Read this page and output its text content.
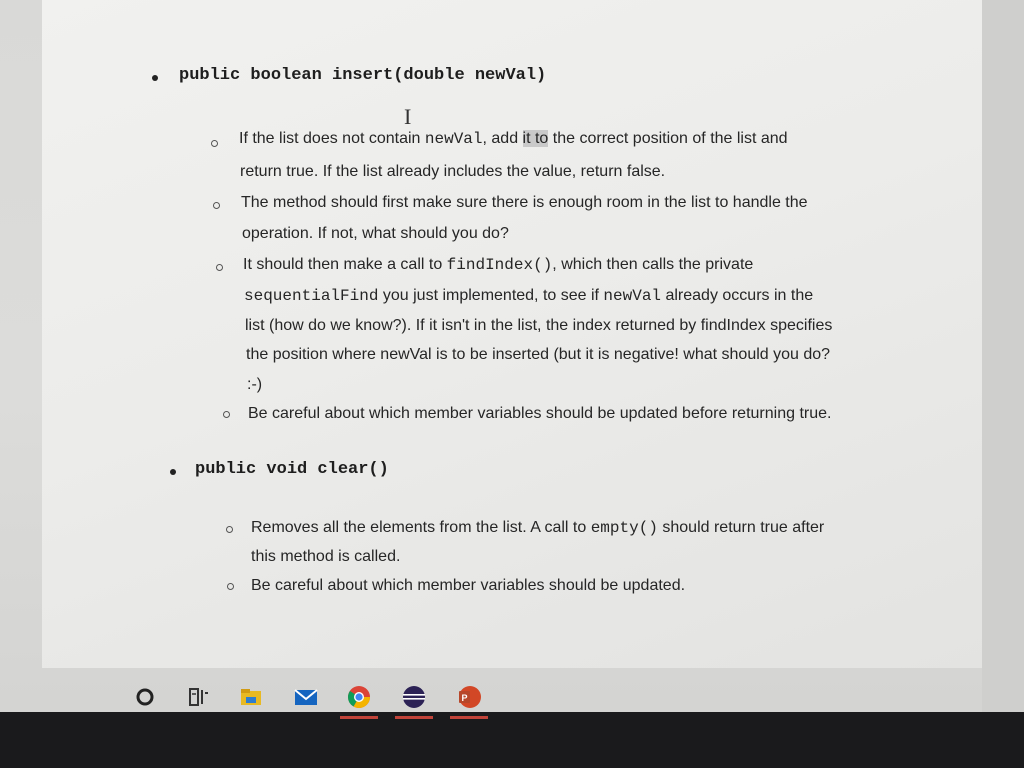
I
public boolean insert(double newVal)
If the list does not contain newVal, add it to the correct position of the list and
return true. If the list already includes the value, return false.
The method should first make sure there is enough room in the list to handle the
operation. If not, what should you do?
It should then make a call to findIndex(), which then calls the private
sequentialFind you just implemented, to see if newVal already occurs in the
list (how do we know?). If it isn't in the list, the index returned by findIndex specifies
the position where newVal is to be inserted (but it is negative! what should you do?
:-)
Be careful about which member variables should be updated before returning true.
public void clear()
Removes all the elements from the list. A call to empty() should return true after
this method is called.
Be careful about which member variables should be updated.
P
